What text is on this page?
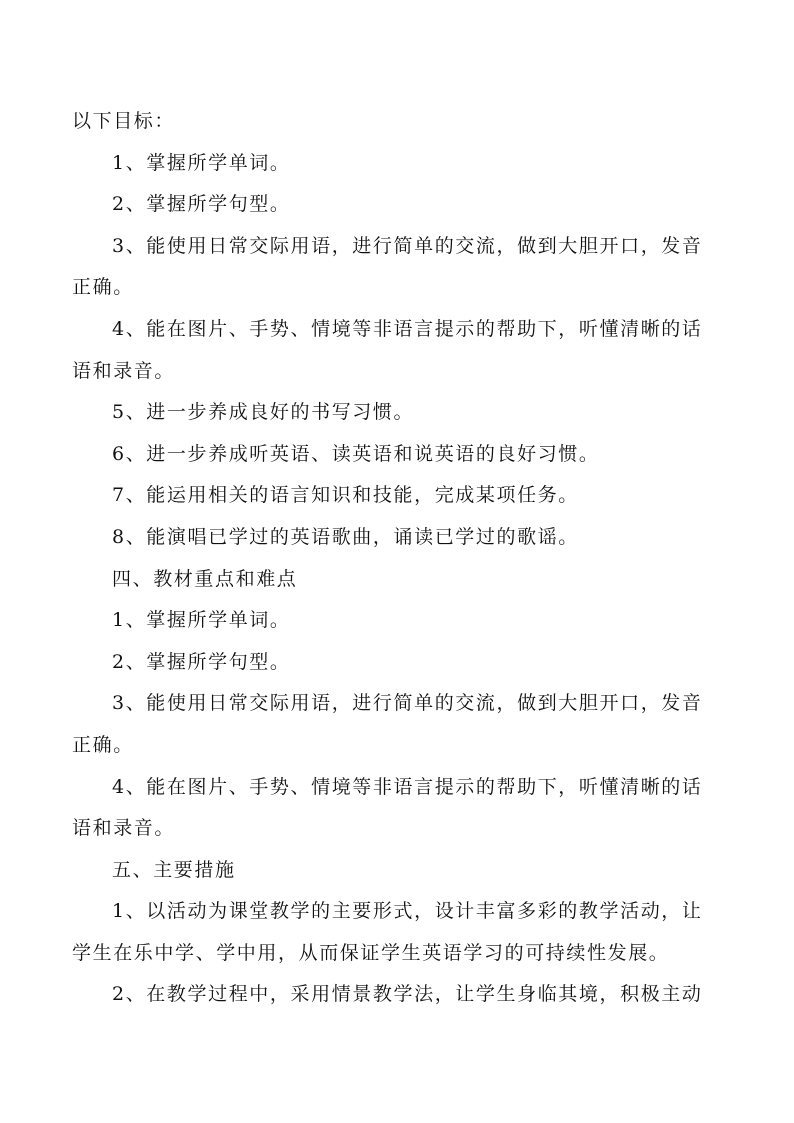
以下目标：

1、掌握所学单词。

2、掌握所学句型。

3、能使用日常交际用语，进行简单的交流，做到大胆开口，发音

正确。

4、能在图片、手势、情境等非语言提示的帮助下，听懂清晰的话

语和录音。

5、进一步养成良好的书写习惯。

6、进一步养成听英语、读英语和说英语的良好习惯。

7、能运用相关的语言知识和技能，完成某项任务。

8、能演唱已学过的英语歌曲，诵读已学过的歌谣。

四、教材重点和难点

1、掌握所学单词。

2、掌握所学句型。

3、能使用日常交际用语，进行简单的交流，做到大胆开口，发音

正确。

4、能在图片、手势、情境等非语言提示的帮助下，听懂清晰的话

语和录音。

五、主要措施

1、以活动为课堂教学的主要形式，设计丰富多彩的教学活动，让

学生在乐中学、学中用，从而保证学生英语学习的可持续性发展。

2、在教学过程中，采用情景教学法，让学生身临其境，积极主动
